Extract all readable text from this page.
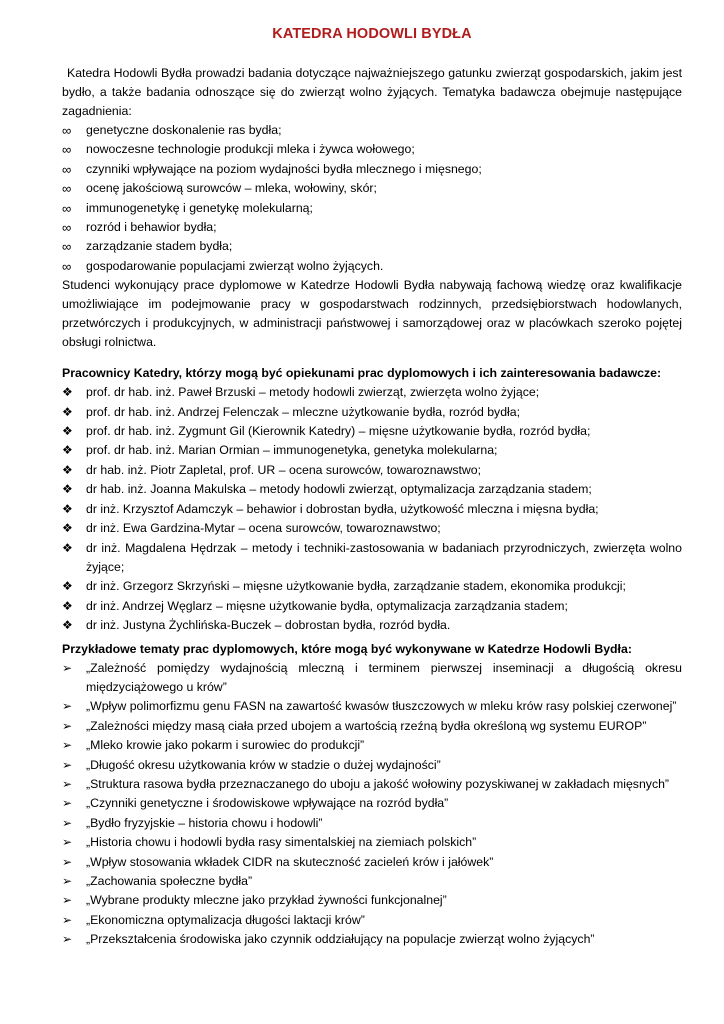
KATEDRA HODOWLI BYDŁA

Katedra Hodowli Bydła prowadzi badania dotyczące najważniejszego gatunku zwierząt gospodarskich, jakim jest bydło, a także badania odnoszące się do zwierząt wolno żyjących. Tematyka badawcza obejmuje następujące zagadnienia:

∞	genetyczne doskonalenie ras bydła;
∞	nowoczesne technologie produkcji mleka i żywca wołowego;
∞	czynniki wpływające na poziom wydajności bydła mlecznego i mięsnego;
∞	ocenę jakościową surowców – mleka, wołowiny, skór;
∞	immunogenetykę i genetykę molekularną;
∞	rozród i behawior bydła;
∞	zarządzanie stadem bydła;
∞	gospodarowanie populacjami zwierząt wolno żyjących.

Studenci wykonujący prace dyplomowe w Katedrze Hodowli Bydła nabywają fachową wiedzę oraz kwalifikacje umożliwiające im podejmowanie pracy w gospodarstwach rodzinnych, przedsiębiorstwach hodowlanych, przetwórczych i produkcyjnych, w administracji państwowej i samorządowej oraz w placówkach szeroko pojętej obsługi rolnictwa.

Pracownicy Katedry, którzy mogą być opiekunami prac dyplomowych i ich zainteresowania badawcze:

❖	prof. dr hab. inż. Paweł Brzuski – metody hodowli zwierząt, zwierzęta wolno żyjące;
❖	prof. dr hab. inż. Andrzej Felenczak – mleczne użytkowanie bydła, rozród bydła;
❖	prof. dr hab. inż. Zygmunt Gil (Kierownik Katedry) – mięsne użytkowanie bydła, rozród bydła;
❖	prof. dr hab. inż. Marian Ormian – immunogenetyka, genetyka molekularna;
❖	dr hab. inż. Piotr Zapletal, prof. UR – ocena surowców, towaroznawstwo;
❖	dr hab. inż. Joanna Makulska – metody hodowli zwierząt, optymalizacja zarządzania stadem;
❖	dr inż. Krzysztof Adamczyk – behawior i dobrostan bydła, użytkowość mleczna i mięsna bydła;
❖	dr inż. Ewa Gardzina-Mytar – ocena surowców, towaroznawstwo;
❖	dr inż. Magdalena Hędrzak – metody i techniki-zastosowania w badaniach przyrodniczych, zwierzęta wolno żyjące;
❖	dr inż. Grzegorz Skrzyński – mięsne użytkowanie bydła, zarządzanie stadem, ekonomika produkcji;
❖	dr inż. Andrzej Węglarz – mięsne użytkowanie bydła, optymalizacja zarządzania stadem;
❖	dr inż. Justyna Żychlińska-Buczek – dobrostan bydła, rozród bydła.

Przykładowe tematy prac dyplomowych, które mogą być wykonywane w Katedrze Hodowli Bydła:

➢	„Zależność pomiędzy wydajnością mleczną i terminem pierwszej inseminacji a długością okresu międzyciążowego u krów”
➢	„Wpływ polimorfizmu genu FASN na zawartość kwasów tłuszczowych w mleku krów rasy polskiej czerwonej”
➢	„Zależności między masą ciała przed ubojem a wartością rzeźną bydła określoną wg systemu EUROP”
➢	„Mleko krowie jako pokarm i surowiec do produkcji”
➢	„Długość okresu użytkowania krów w stadzie o dużej wydajności”
➢	„Struktura rasowa bydła przeznaczanego do uboju a jakość wołowiny pozyskiwanej w zakładach mięsnych”
➢	„Czynniki genetyczne i środowiskowe wpływające na rozród bydła”
➢	„Bydło fryzyjskie – historia chowu i hodowli”
➢	„Historia chowu i hodowli bydła rasy simentalskiej na ziemiach polskich”
➢	„Wpływ stosowania wkładek CIDR na skuteczność zacieleń krów i jałówek”
➢	„Zachowania społeczne bydła”
➢	„Wybrane produkty mleczne jako przykład żywności funkcjonalnej”
➢	„Ekonomiczna optymalizacja długości laktacji krów”
➢	„Przekształcenia środowiska jako czynnik oddziałujący na populacje zwierząt wolno żyjących”
